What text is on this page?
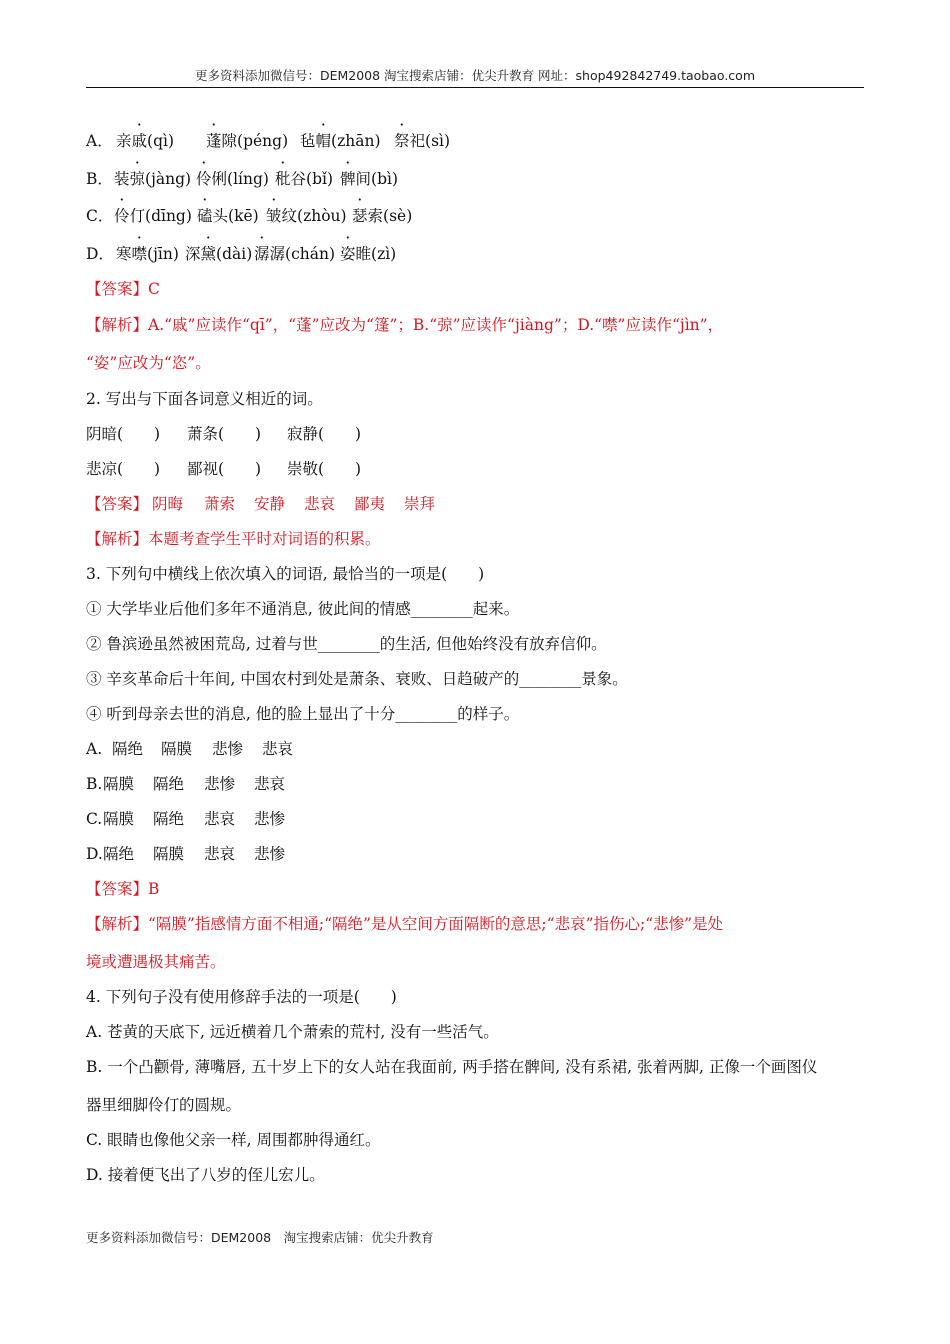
更多资料添加微信号：DEM2008 淘宝搜索店铺：优尖升教育 网址：shop492842749.taobao.com
A． 亲戚(qì) 蓬隙(péng) 毡帽(zhān) 祭祀(sì)
B． 装弶(jàng) 伶俐(líng) 秕谷(bǐ) 髀间(bì)
C． 伶仃(dīng) 磕头(kē) 皱纹(zhòu) 瑟索(sè)
D． 寒噤(jīn) 深黛(dài) 潺潺(chán) 姿睢(zì)
【答案】C
【解析】A.“戚”应读作“qī”，“蓬”应改为“篷”；B.“弶”应读作“jiàng”；D.“噤”应读作“jìn”，
“姿”应改为“恣”。
2. 写出与下面各词意义相近的词。
阴暗(　　) 萧条(　　) 寂静(　　)
悲凉(　　) 鄙视(　　) 崇敬(　　)
【答案】 阴晦 萧索 安静 悲哀 鄙夷 崇拜
【解析】本题考查学生平时对词语的积累。
3. 下列句中横线上依次填入的词语, 最恰当的一项是(　　)
① 大学毕业后他们多年不通消息, 彼此间的情感________起来。
② 鲁滨逊虽然被困荒岛, 过着与世________的生活, 但他始终没有放弃信仰。
③ 辛亥革命后十年间, 中国农村到处是萧条、衰败、日趋破产的________景象。
④ 听到母亲去世的消息, 他的脸上显出了十分________的样子。
A. 隔绝 隔膜 悲惨 悲哀
B. 隔膜 隔绝 悲惨 悲哀
C. 隔膜 隔绝 悲哀 悲惨
D. 隔绝 隔膜 悲哀 悲惨
【答案】B
【解析】“隔膜”指感情方面不相通;“隔绝”是从空间方面隔断的意思;“悲哀”指伤心;“悲惨”是处
境或遭遇极其痛苦。
4. 下列句子没有使用修辞手法的一项是(　　)
A. 苍黄的天底下, 远近横着几个萧索的荒村, 没有一些活气。
B. 一个凸颧骨, 薄嘴唇, 五十岁上下的女人站在我面前, 两手搭在髀间, 没有系裙, 张着两脚, 正像一个画图仪
器里细脚伶仃的圆规。
C. 眼睛也像他父亲一样, 周围都肿得通红。
D. 接着便飞出了八岁的侄儿宏儿。
更多资料添加微信号：DEM2008　淘宝搜索店铺：优尖升教育
